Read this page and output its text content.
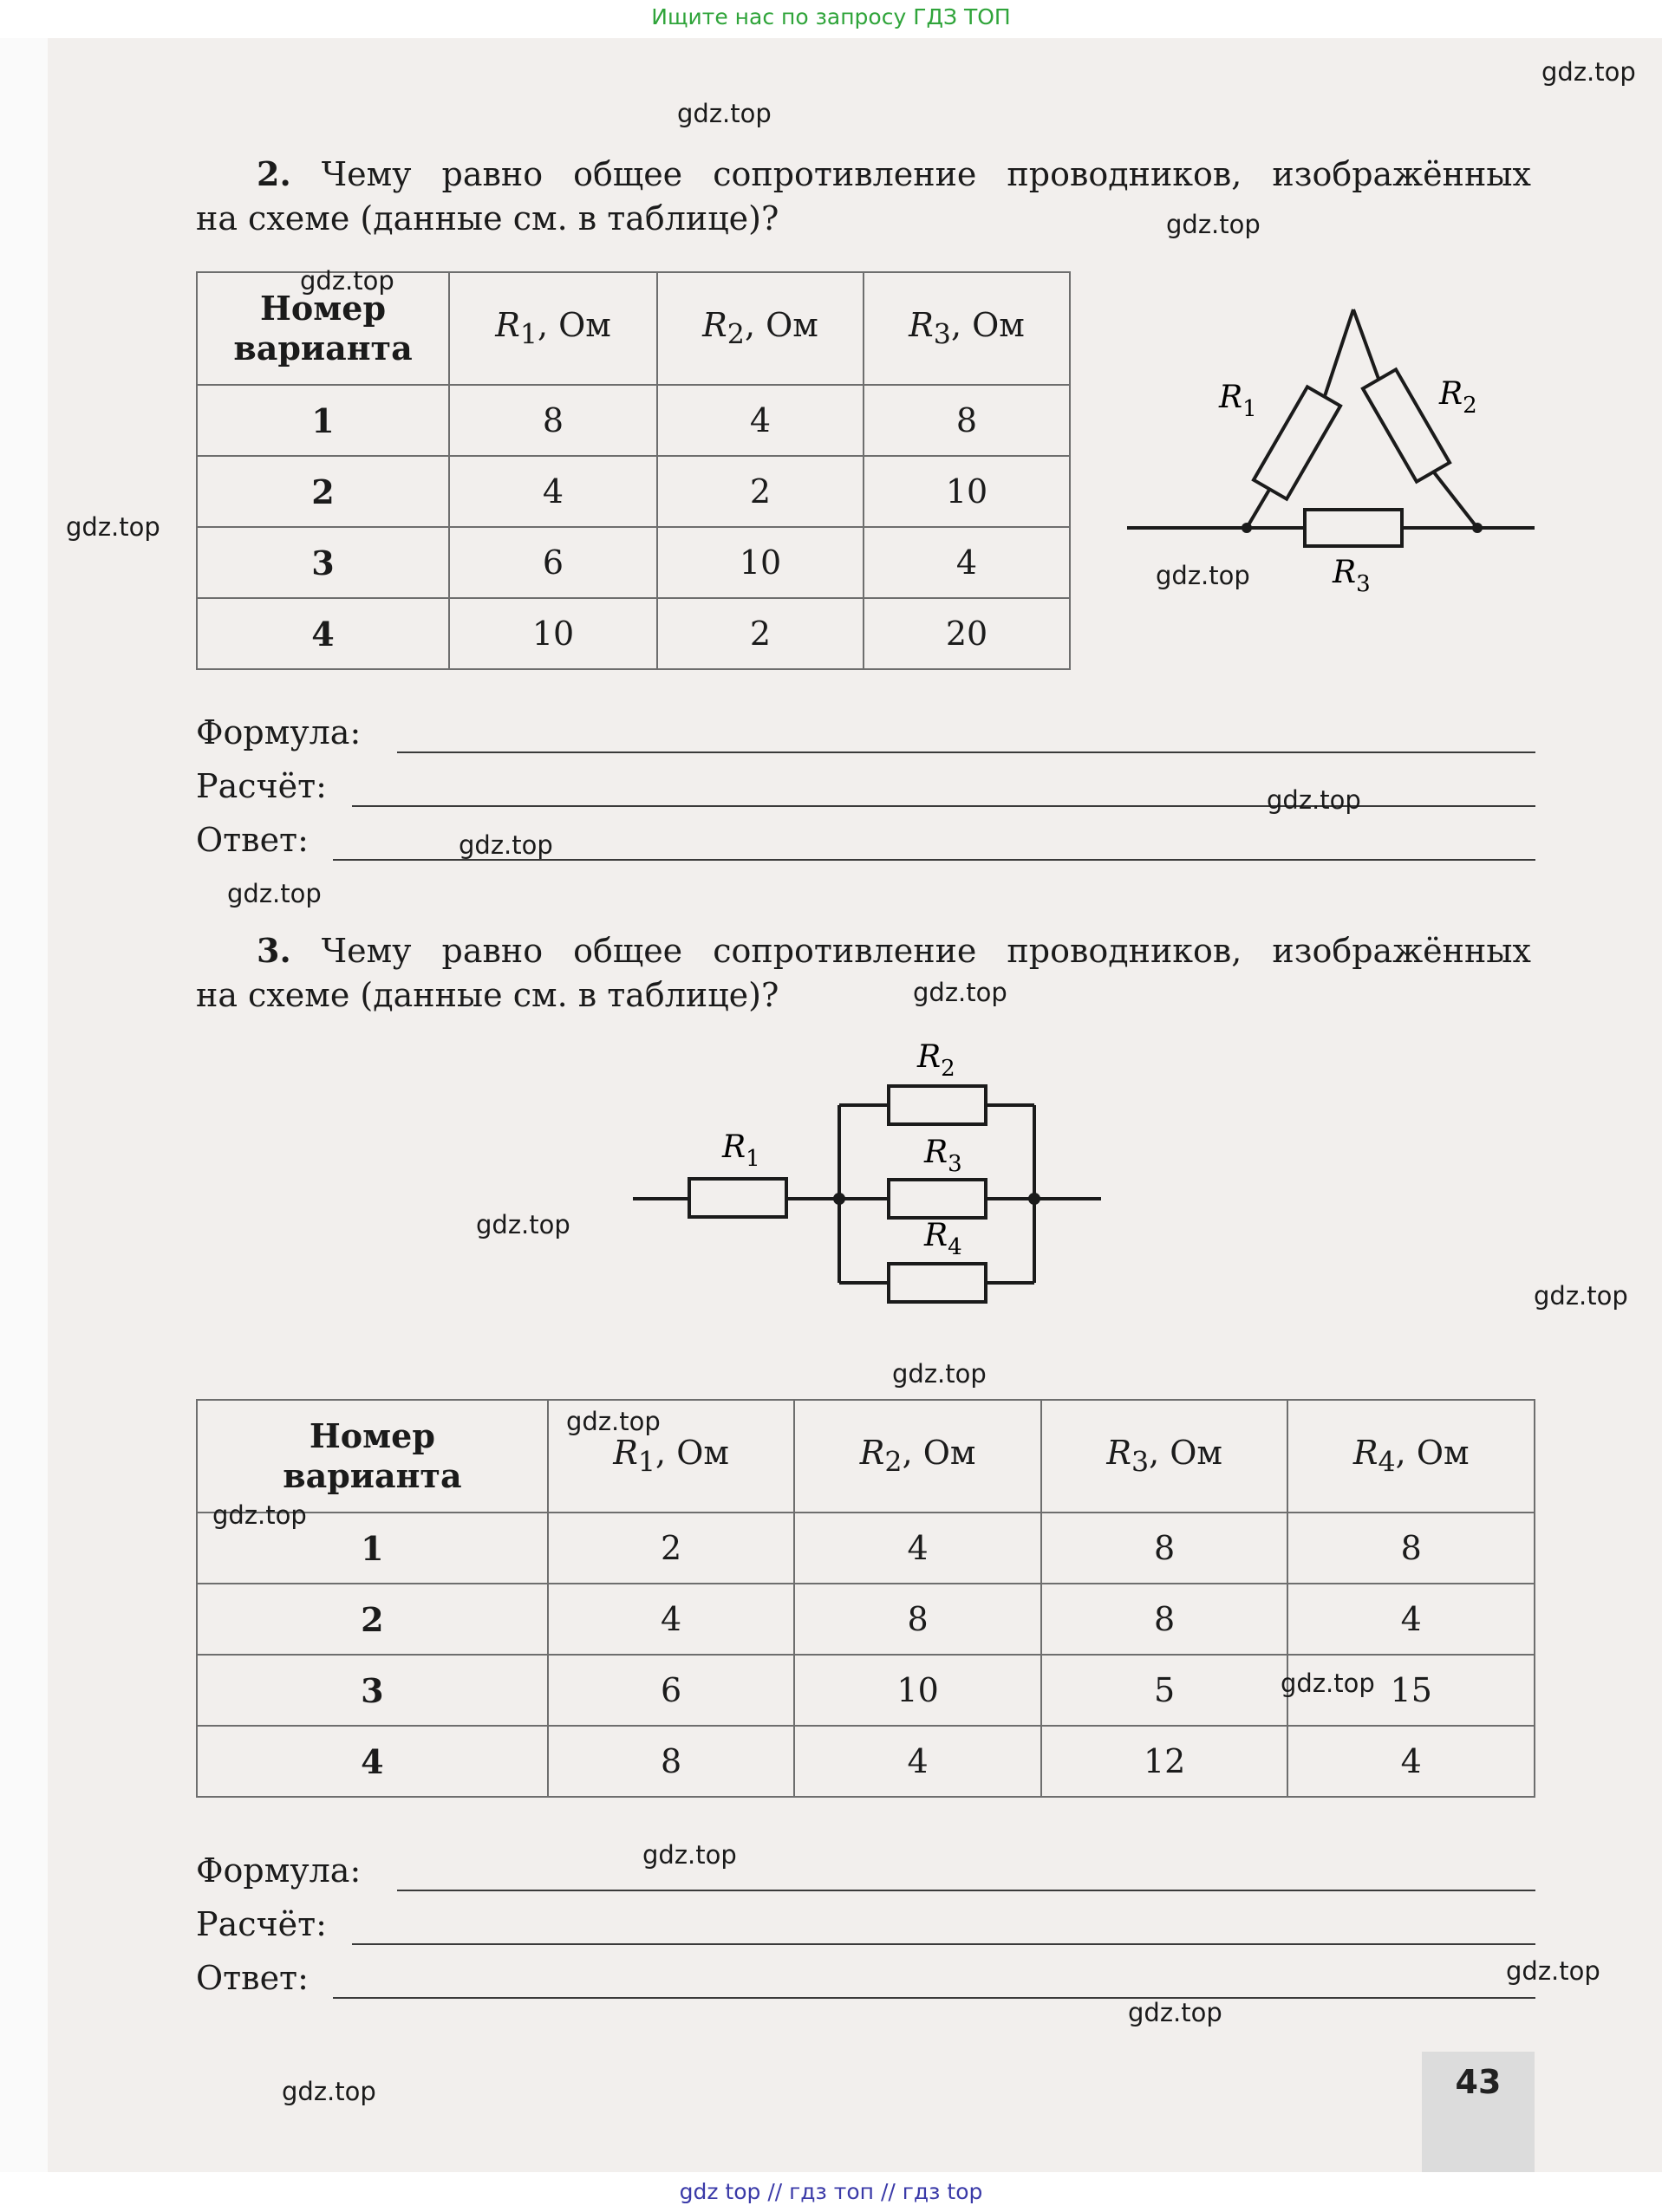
Ищите нас по запросу ГДЗ ТОП
2. Чему равно общее сопротивление проводников, изображённых
на схеме (данные см. в таблице)?
Номер
варианта	$R_1$, Ом	$R_2$, Ом	$R_3$, Ом
1	8	4	8
2	4	2	10
3	6	10	4
4	10	2	20
$R_1$	$R_2$
$R_3$
Формула:
Расчёт:
Ответ:
3. Чему равно общее сопротивление проводников, изображённых
на схеме (данные см. в таблице)?
$R_1$
$R_2$
$R_3$
$R_4$
Номер
варианта	$R_1$, Ом	$R_2$, Ом	$R_3$, Ом	$R_4$, Ом
1	2	4	8	8
2	4	8	8	4
3	6	10	5	15
4	8	4	12	4
Формула:
Расчёт:
Ответ:
43
gdz.top
gdz.top
gdz.top
gdz.top
gdz.top
gdz.top
gdz.top
gdz.top
gdz.top
gdz.top
gdz.top
gdz.top
gdz.top
gdz.top
gdz.top
gdz.top
gdz.top
gdz.top
gdz.top
gdz.top
gdz top // гдз топ // гдз top
